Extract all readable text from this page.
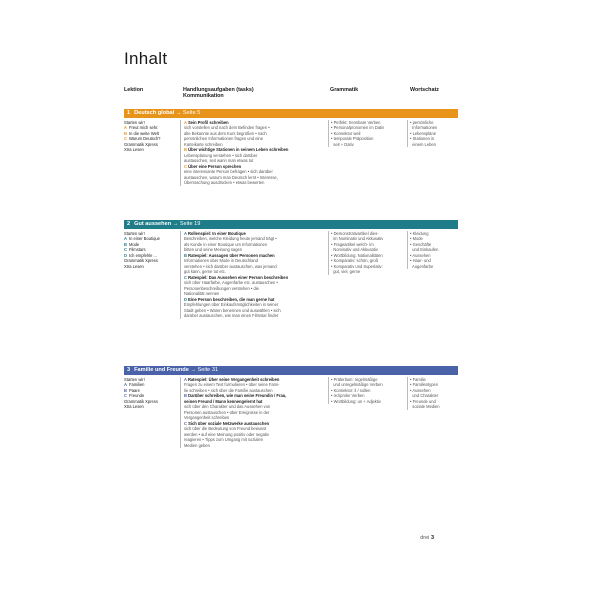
Inhalt
Lektion	Handlungsaufgaben (tasks)
Kommunikation
Grammatik	Wortschatz
1 Deutsch global → Seite 5
Starten wir!
A Freut mich sehr.
B In die weite Welt
C Warum Deutsch?
Grammatik Xpress
Xtra Lesen
A Sein Profil schreiben
sich vorstellen und nach dem Befinden fragen •
alte Bekannte aus dem Kurs begrüßen • nach
persönlichen Informationen fragen und eine
Karteikarte schreiben
B Über wichtige Stationen in seinem Leben schreiben
Lebensplanung verstehen • sich darüber
austauschen, seit wann man etwas tut
C Über eine Person sprechen
eine interessante Person befragen • sich darüber
austauschen, warum man Deutsch lernt • Interesse,
Überraschung ausdrücken • etwas bewerten
• Perfekt: trennbare Verben
• Personalpronomen im Dativ
• Konnektor weil
• temporale Präposition
seit + Dativ
• persönliche
Informationen
• Lebenspläne
• Stationen in
einem Leben
2 Gut aussehen → Seite 19
Starten wir!
A In einer Boutique
B Mode
C Filmstars
D Ich empfehle ...
Grammatik Xpress
Xtra Lesen
A Rollenspiel: In einer Boutique
Beschreiben, welche Kleidung heute jemand trägt •
als Kunde in einer Boutique um Informationen
bitten und seine Meinung sagen
B Ratespiel: Aussagen über Personen machen
Informationen über Mode in Deutschland
verstehen • sich darüber austauschen, was jemand
gut kann, gerne tut etc.
C Ratespiel: Das Aussehen einer Person beschreiben
sich über Haarfarbe, Augenfarbe etc. austauschen •
Personenbeschreibungen verstehen • die
Nationalität nennen
D Eine Person beschreiben, die man gerne hat
Empfehlungen über Einkaufsmöglichkeiten in seiner
Stadt geben • Waren benennen und auswählen • sich
darüber austauschen, wie man einen Filmstar findet
• Demonstrativartikel dies-
im Nominativ und Akkusativ
• Frageartikel welch- im
Nominativ und Akkusativ
• Wortbildung: Nationalitäten
• Komparativ: schön, groß
• Komparativ und Superlativ:
gut, viel, gerne
• Kleidung
• Mode
• Geschäfte
und Einkaufen
• Aussehen
• Haar- und
Augenfarbe
3 Familie und Freunde → Seite 31
Starten wir!
A Familien
B Paare
C Freunde
Grammatik Xpress
Xtra Lesen
A Ratespiel: Über seine Vergangenheit schreiben
Fragen zu einem Text formulieren • über seine Fami-
lie schreiben • sich über die Familie austauschen
B Darüber schreiben, wie man seine Freundin / Frau,
seinen Freund / Mann kennengelernt hat
sich über den Charakter und das Aussehen von
Personen austauschen • über Ereignisse in der
Vergangenheit schreiben
C Sich über soziale Netzwerke austauschen
sich über die Bedeutung von Freund bewusst
werden • auf eine Meinung positiv oder negativ
reagieren • Tipps zum Umgang mit sozialen
Medien geben
• Präteritum: regelmäßige
und unregelmäßige Verben
• Konnektor: il / sollen
• reziproke Verben
• Wortbildung: un + Adjektiv
• Familie
• Familientypen
• Aussehen
und Charakter
• Freunde und
soziale Medien
drei 3
